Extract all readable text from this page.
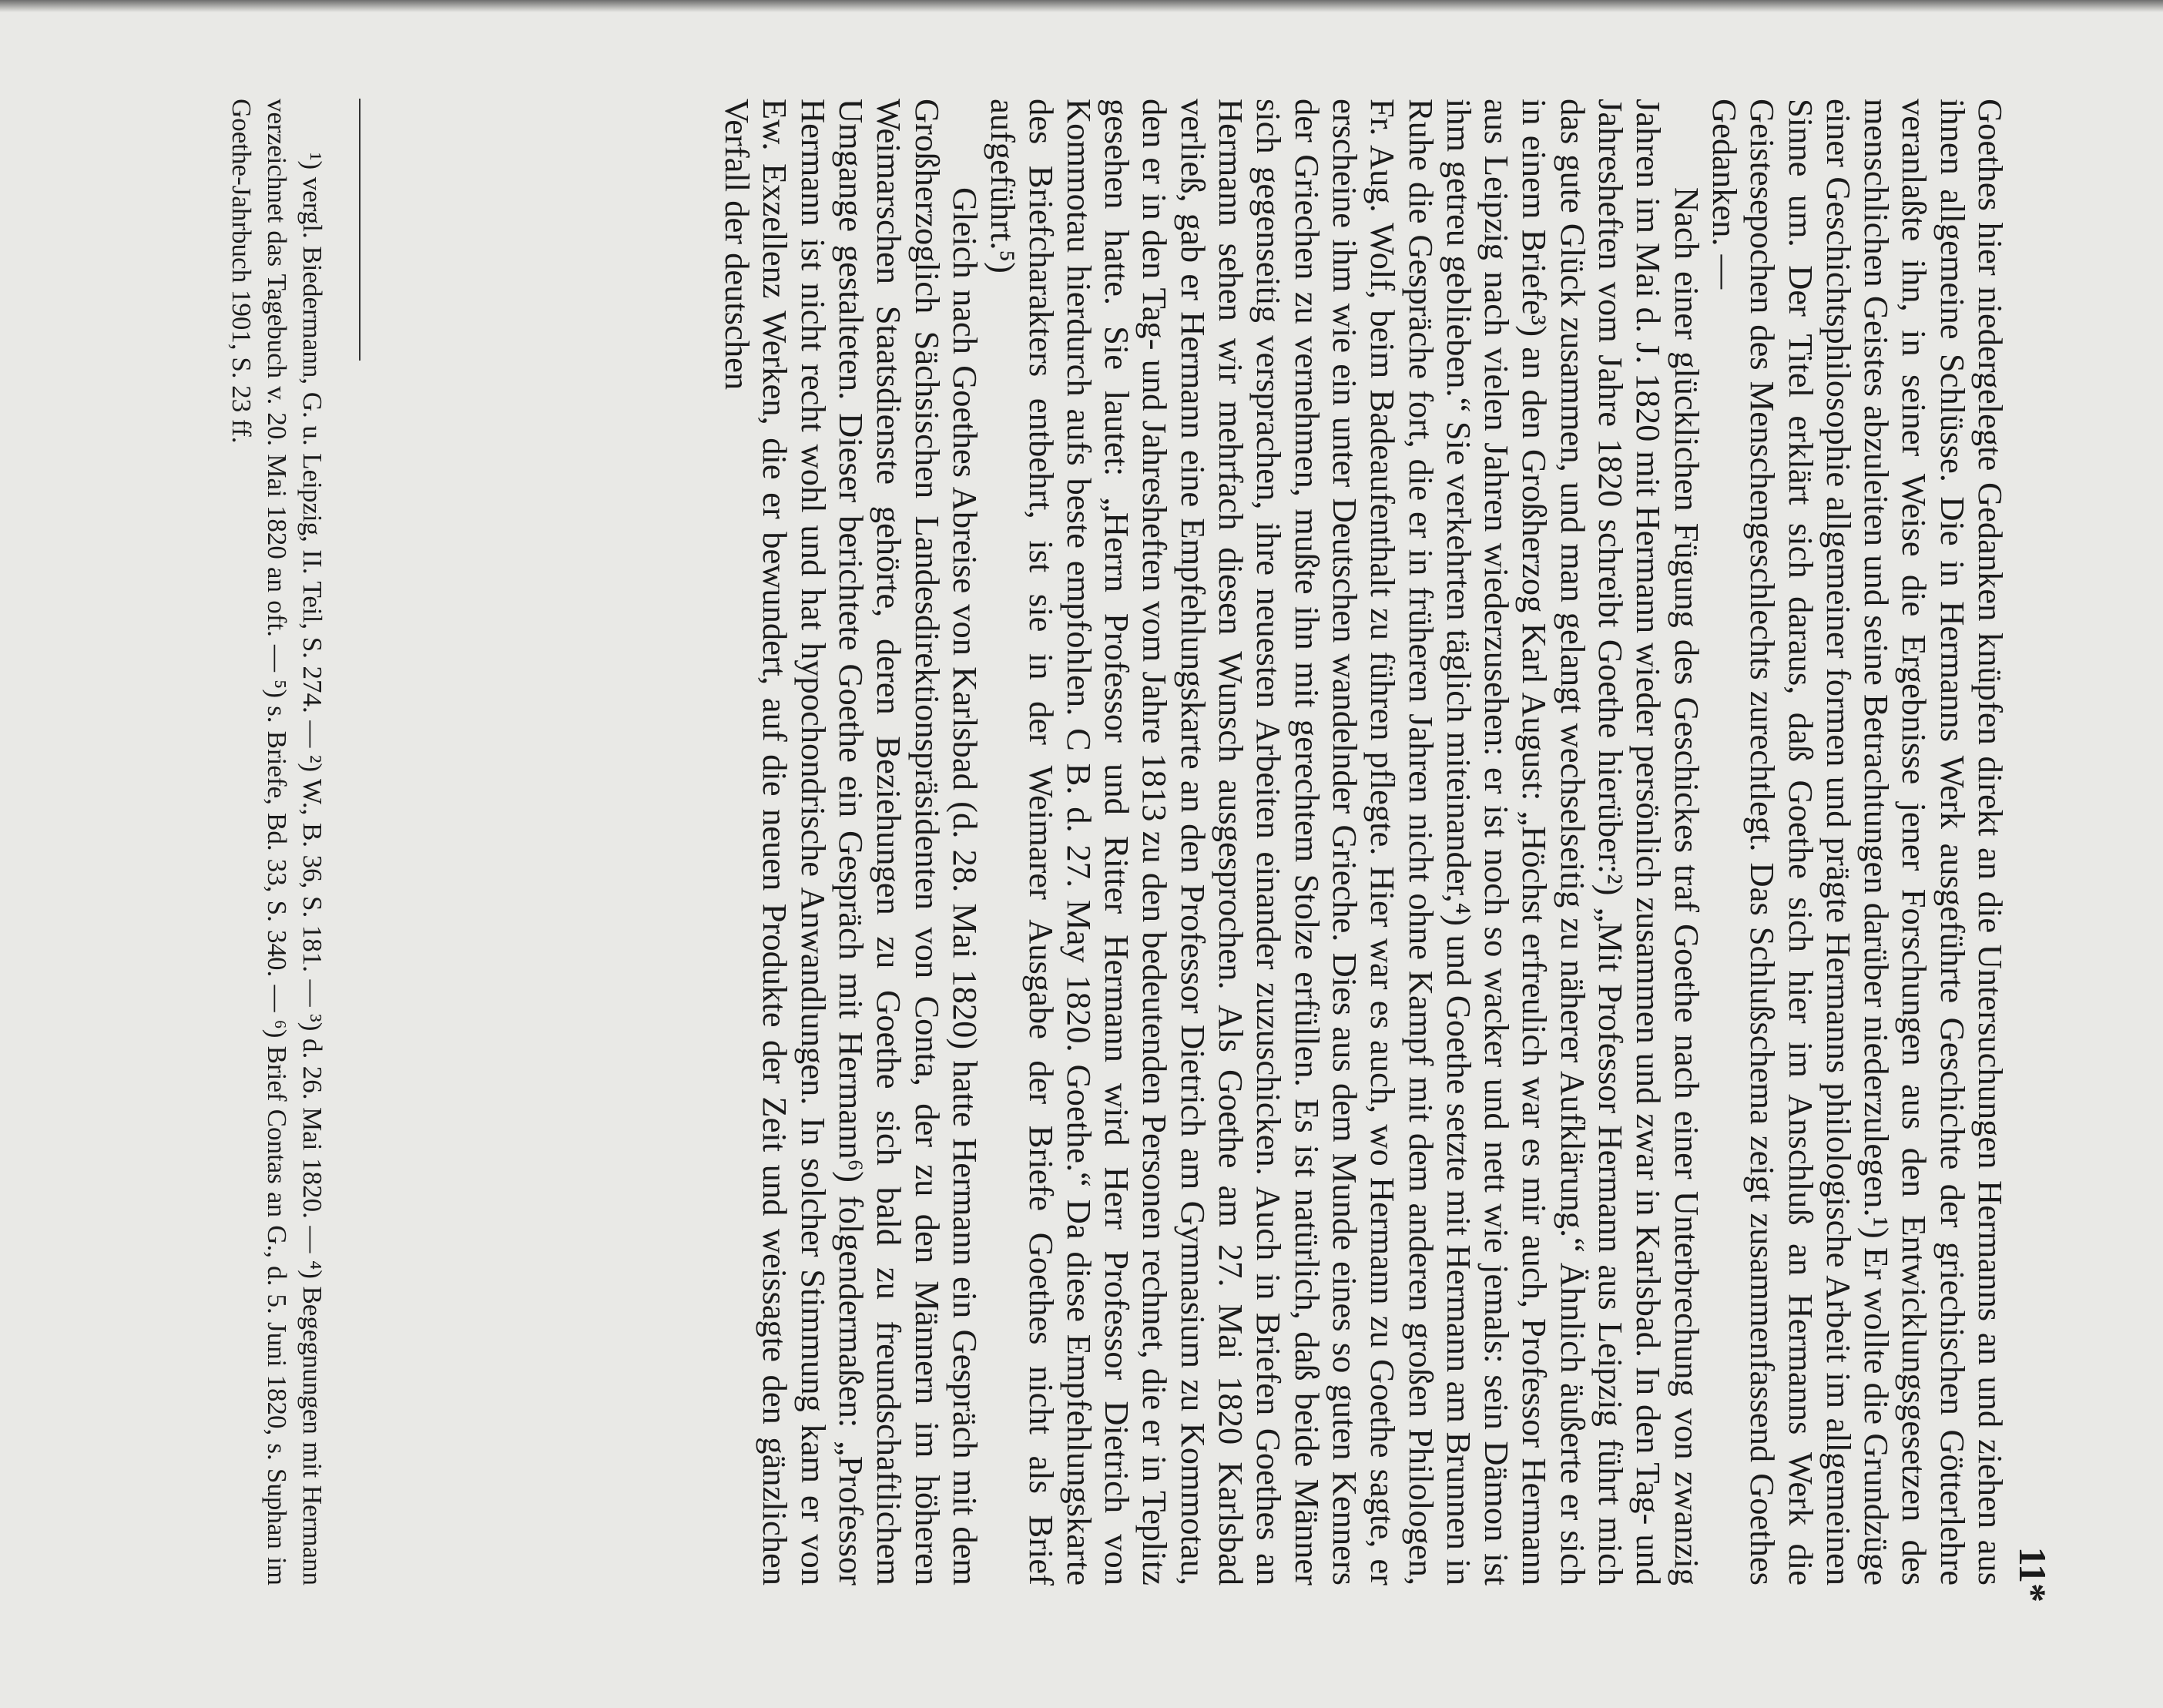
11*

Goethes hier niedergelegte Gedanken knüpfen direkt an die Untersuchungen Hermanns an und ziehen aus ihnen allgemeine Schlüsse. Die in Hermanns Werk ausgeführte Geschichte der griechischen Götterlehre veranlaßte ihn, in seiner Weise die Ergebnisse jener Forschungen aus den Entwicklungsgesetzen des menschlichen Geistes abzuleiten und seine Betrachtungen darüber niederzulegen.¹) Er wollte die Grundzüge einer Geschichtsphilosophie allgemeiner formen und prägte Hermanns philologische Arbeit im allgemeinen Sinne um. Der Titel erklärt sich daraus, daß Goethe sich hier im Anschluß an Hermanns Werk die Geistesepochen des Menschengeschlechts zurechtlegt. Das Schlußschema zeigt zusammenfassend Goethes Gedanken. —

Nach einer glücklichen Fügung des Geschickes traf Goethe nach einer Unterbrechung von zwanzig Jahren im Mai d. J. 1820 mit Hermann wieder persönlich zusammen und zwar in Karlsbad. In den Tag- und Jahresheften vom Jahre 1820 schreibt Goethe hierüber:²) „Mit Professor Hermann aus Leipzig führt mich das gute Glück zusammen, und man gelangt wechselseitig zu näherer Aufklärung.“ Ähnlich äußerte er sich in einem Briefe³) an den Großherzog Karl August: „Höchst erfreulich war es mir auch, Professor Hermann aus Leipzig nach vielen Jahren wiederzusehen: er ist noch so wacker und nett wie jemals: sein Dämon ist ihm getreu geblieben.“ Sie verkehrten täglich miteinander,⁴) und Goethe setzte mit Hermann am Brunnen in Ruhe die Gespräche fort, die er in früheren Jahren nicht ohne Kampf mit dem anderen großen Philologen, Fr. Aug. Wolf, beim Badeaufenthalt zu führen pflegte. Hier war es auch, wo Hermann zu Goethe sagte, er erscheine ihm wie ein unter Deutschen wandelnder Grieche. Dies aus dem Munde eines so guten Kenners der Griechen zu vernehmen, mußte ihn mit gerechtem Stolze erfüllen. Es ist natürlich, daß beide Männer sich gegenseitig versprachen, ihre neuesten Arbeiten einander zuzuschicken. Auch in Briefen Goethes an Hermann sehen wir mehrfach diesen Wunsch ausgesprochen. Als Goethe am 27. Mai 1820 Karlsbad verließ, gab er Hermann eine Empfehlungskarte an den Professor Dietrich am Gymnasium zu Kommotau, den er in den Tag- und Jahresheften vom Jahre 1813 zu den bedeutenden Personen rechnet, die er in Teplitz gesehen hatte. Sie lautet: „Herrn Professor und Ritter Hermann wird Herr Professor Dietrich von Kommotau hierdurch aufs beste empfohlen. C B. d. 27. May 1820. Goethe.“ Da diese Empfehlungskarte des Briefcharakters entbehrt, ist sie in der Weimarer Ausgabe der Briefe Goethes nicht als Brief aufgeführt.⁵)

Gleich nach Goethes Abreise von Karlsbad (d. 28. Mai 1820) hatte Hermann ein Gespräch mit dem Großherzoglich Sächsischen Landesdirektionspräsidenten von Conta, der zu den Männern im höheren Weimarschen Staatsdienste gehörte, deren Beziehungen zu Goethe sich bald zu freundschaftlichem Umgange gestalteten. Dieser berichtete Goethe ein Gespräch mit Hermann⁶) folgendermaßen: „Professor Hermann ist nicht recht wohl und hat hypochondrische Anwandlungen. In solcher Stimmung kam er von Ew. Exzellenz Werken, die er bewundert, auf die neuen Produkte der Zeit und weissagte den gänzlichen Verfall der deutschen

¹) vergl. Biedermann, G. u. Leipzig, II. Teil, S. 274. — ²) W., B. 36, S. 181. — ³) d. 26. Mai 1820. — ⁴) Begegnungen mit Hermann verzeichnet das Tagebuch v. 20. Mai 1820 an oft. — ⁵) s. Briefe, Bd. 33, S. 340. — ⁶) Brief Contas an G., d. 5. Juni 1820, s. Suphan im Goethe-Jahrbuch 1901, S. 23 ff.
